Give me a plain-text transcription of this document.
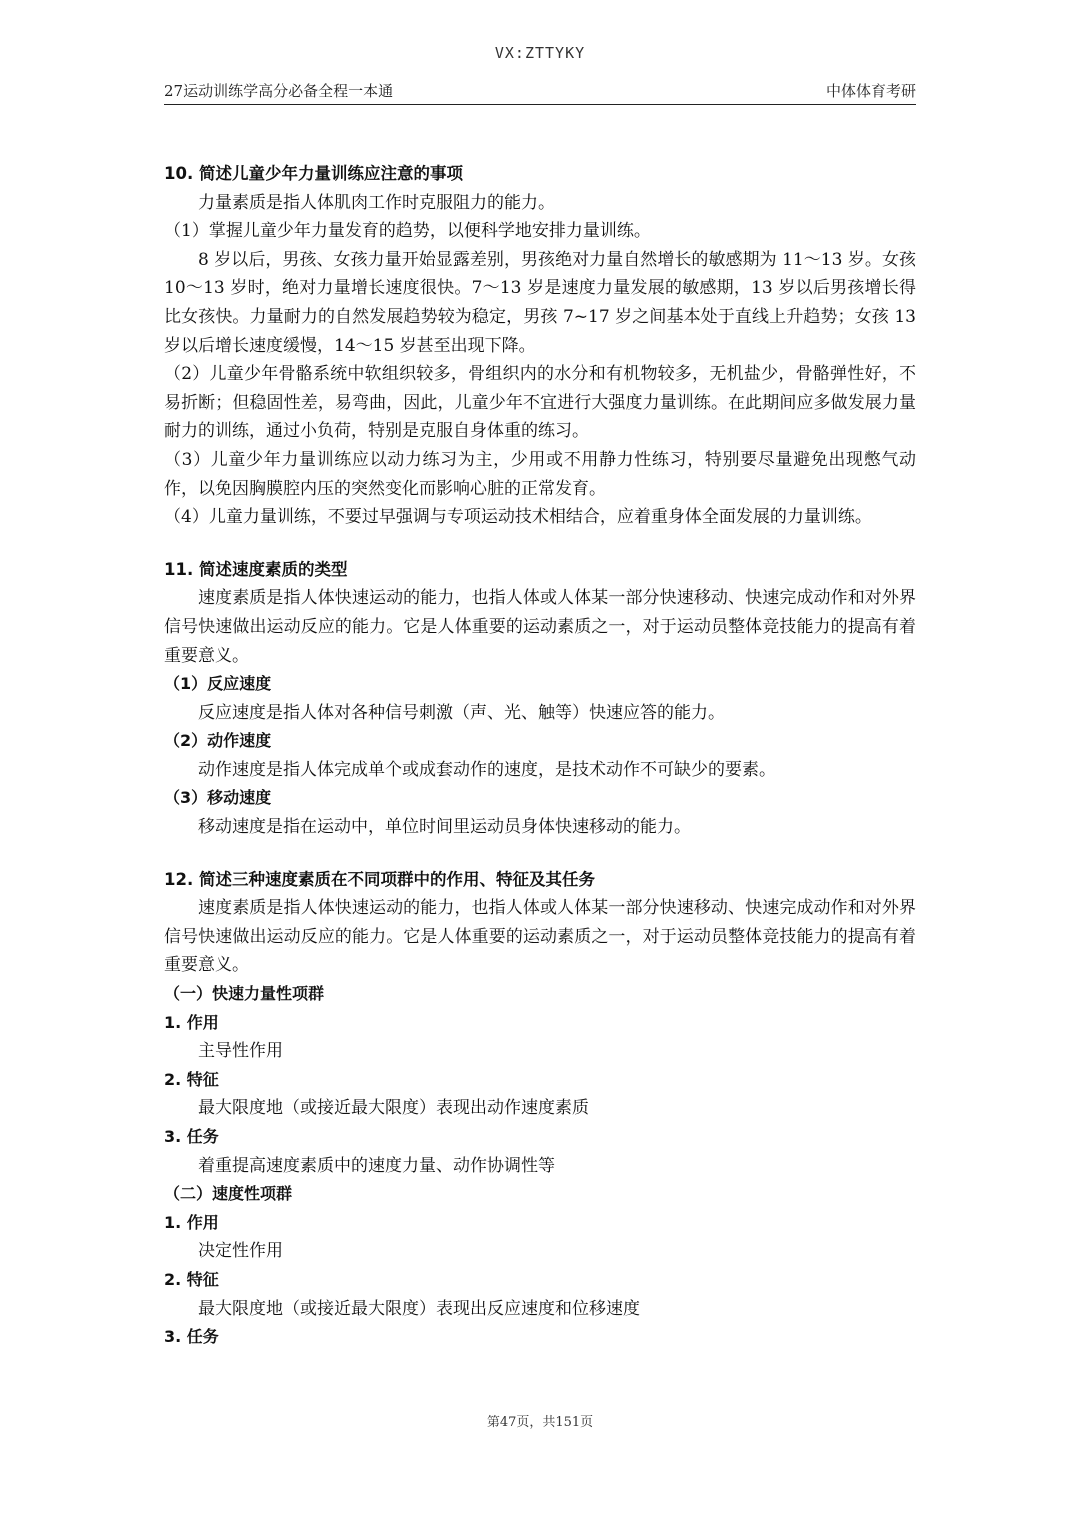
VX:ZTTYKY
27运动训练学高分必备全程一本通	中体体育考研
10. 简述儿童少年力量训练应注意的事项
力量素质是指人体肌肉工作时克服阻力的能力。
（1）掌握儿童少年力量发育的趋势，以便科学地安排力量训练。
8 岁以后，男孩、女孩力量开始显露差别，男孩绝对力量自然增长的敏感期为 11～13 岁。女孩 10～13 岁时，绝对力量增长速度很快。7～13 岁是速度力量发展的敏感期，13 岁以后男孩增长得比女孩快。力量耐力的自然发展趋势较为稳定，男孩 7~17 岁之间基本处于直线上升趋势；女孩 13 岁以后增长速度缓慢，14～15 岁甚至出现下降。
（2）儿童少年骨骼系统中软组织较多，骨组织内的水分和有机物较多，无机盐少，骨骼弹性好，不易折断；但稳固性差，易弯曲，因此，儿童少年不宜进行大强度力量训练。在此期间应多做发展力量耐力的训练，通过小负荷，特别是克服自身体重的练习。
（3）儿童少年力量训练应以动力练习为主，少用或不用静力性练习，特别要尽量避免出现憋气动作，以免因胸膜腔内压的突然变化而影响心脏的正常发育。
（4）儿童力量训练，不要过早强调与专项运动技术相结合，应着重身体全面发展的力量训练。
11. 简述速度素质的类型
速度素质是指人体快速运动的能力，也指人体或人体某一部分快速移动、快速完成动作和对外界信号快速做出运动反应的能力。它是人体重要的运动素质之一，对于运动员整体竞技能力的提高有着重要意义。
（1）反应速度
反应速度是指人体对各种信号刺激（声、光、触等）快速应答的能力。
（2）动作速度
动作速度是指人体完成单个或成套动作的速度，是技术动作不可缺少的要素。
（3）移动速度
移动速度是指在运动中，单位时间里运动员身体快速移动的能力。
12. 简述三种速度素质在不同项群中的作用、特征及其任务
速度素质是指人体快速运动的能力，也指人体或人体某一部分快速移动、快速完成动作和对外界信号快速做出运动反应的能力。它是人体重要的运动素质之一，对于运动员整体竞技能力的提高有着重要意义。
（一）快速力量性项群
1. 作用
主导性作用
2. 特征
最大限度地（或接近最大限度）表现出动作速度素质
3. 任务
着重提高速度素质中的速度力量、动作协调性等
（二）速度性项群
1. 作用
决定性作用
2. 特征
最大限度地（或接近最大限度）表现出反应速度和位移速度
3. 任务
第47页，共151页
